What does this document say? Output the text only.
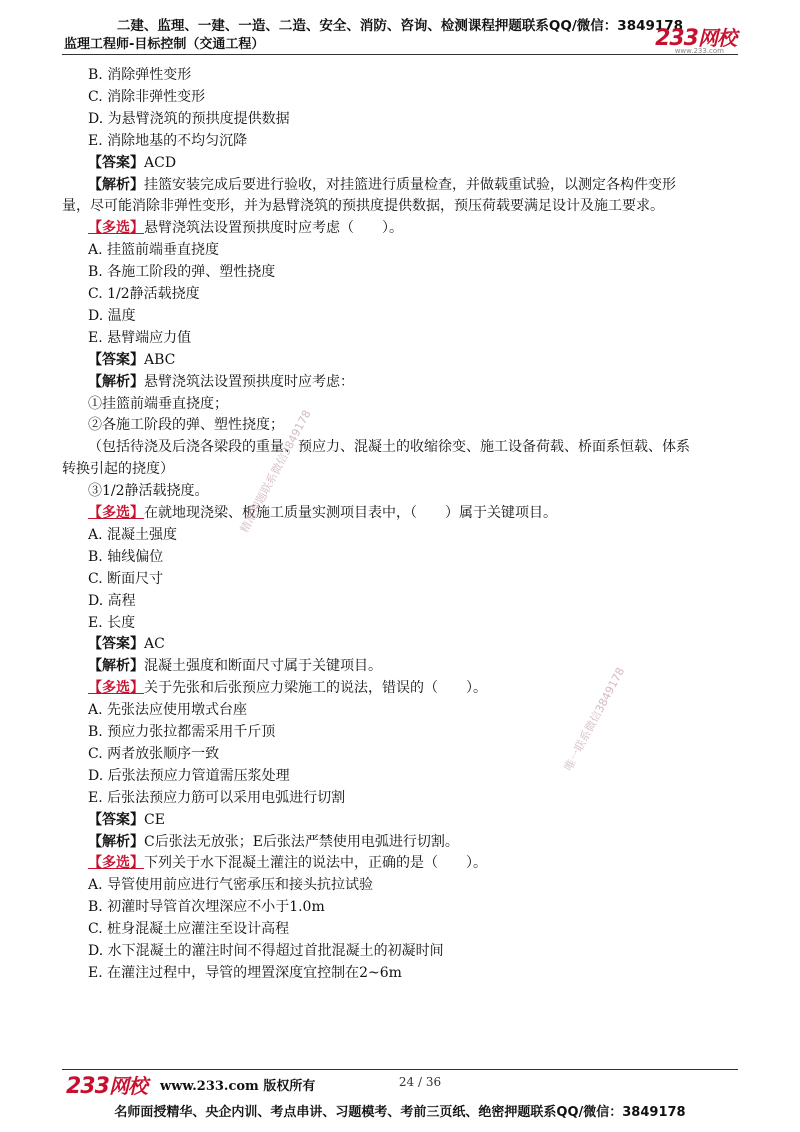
二建、监理、一建、一造、二造、安全、消防、咨询、检测课程押题联系QQ/微信：3849178
监理工程师-目标控制（交通工程）	233网校
www.233.com
B. 消除弹性变形
C. 消除非弹性变形
D. 为悬臂浇筑的预拱度提供数据
E. 消除地基的不均匀沉降
【答案】ACD
【解析】挂篮安装完成后要进行验收，对挂篮进行质量检查，并做载重试验，以测定各构件变形
量，尽可能消除非弹性变形，并为悬臂浇筑的预拱度提供数据，预压荷载要满足设计及施工要求。
【多选】悬臂浇筑法设置预拱度时应考虑（　　）。
A. 挂篮前端垂直挠度
B. 各施工阶段的弹、塑性挠度
C. 1/2静活载挠度
D. 温度
E. 悬臂端应力值
【答案】ABC
【解析】悬臂浇筑法设置预拱度时应考虑：
①挂篮前端垂直挠度；
②各施工阶段的弹、塑性挠度；
（包括待浇及后浇各梁段的重量、预应力、混凝土的收缩徐变、施工设备荷载、桥面系恒载、体系
转换引起的挠度）
③1/2静活载挠度。
【多选】在就地现浇梁、板施工质量实测项目表中，（　　）属于关键项目。
A. 混凝土强度
B. 轴线偏位
C. 断面尺寸
D. 高程
E. 长度
【答案】AC
【解析】混凝土强度和断面尺寸属于关键项目。
【多选】关于先张和后张预应力梁施工的说法，错误的（　　）。
A. 先张法应使用墩式台座
B. 预应力张拉都需采用千斤顶
C. 两者放张顺序一致
D. 后张法预应力管道需压浆处理
E. 后张法预应力筋可以采用电弧进行切割
【答案】CE
【解析】C后张法无放张；E后张法严禁使用电弧进行切割。
【多选】下列关于水下混凝土灌注的说法中，正确的是（　　）。
A. 导管使用前应进行气密承压和接头抗拉试验
B. 初灌时导管首次埋深应不小于1.0m
C. 桩身混凝土应灌注至设计高程
D. 水下混凝土的灌注时间不得超过首批混凝土的初凝时间
E. 在灌注过程中，导管的埋置深度宜控制在2~6m
精准押题联系微信3849178
唯一联系微信3849178
233网校 www.233.com 版权所有	24 / 36
名师面授精华、央企内训、考点串讲、习题模考、考前三页纸、绝密押题联系QQ/微信：3849178
